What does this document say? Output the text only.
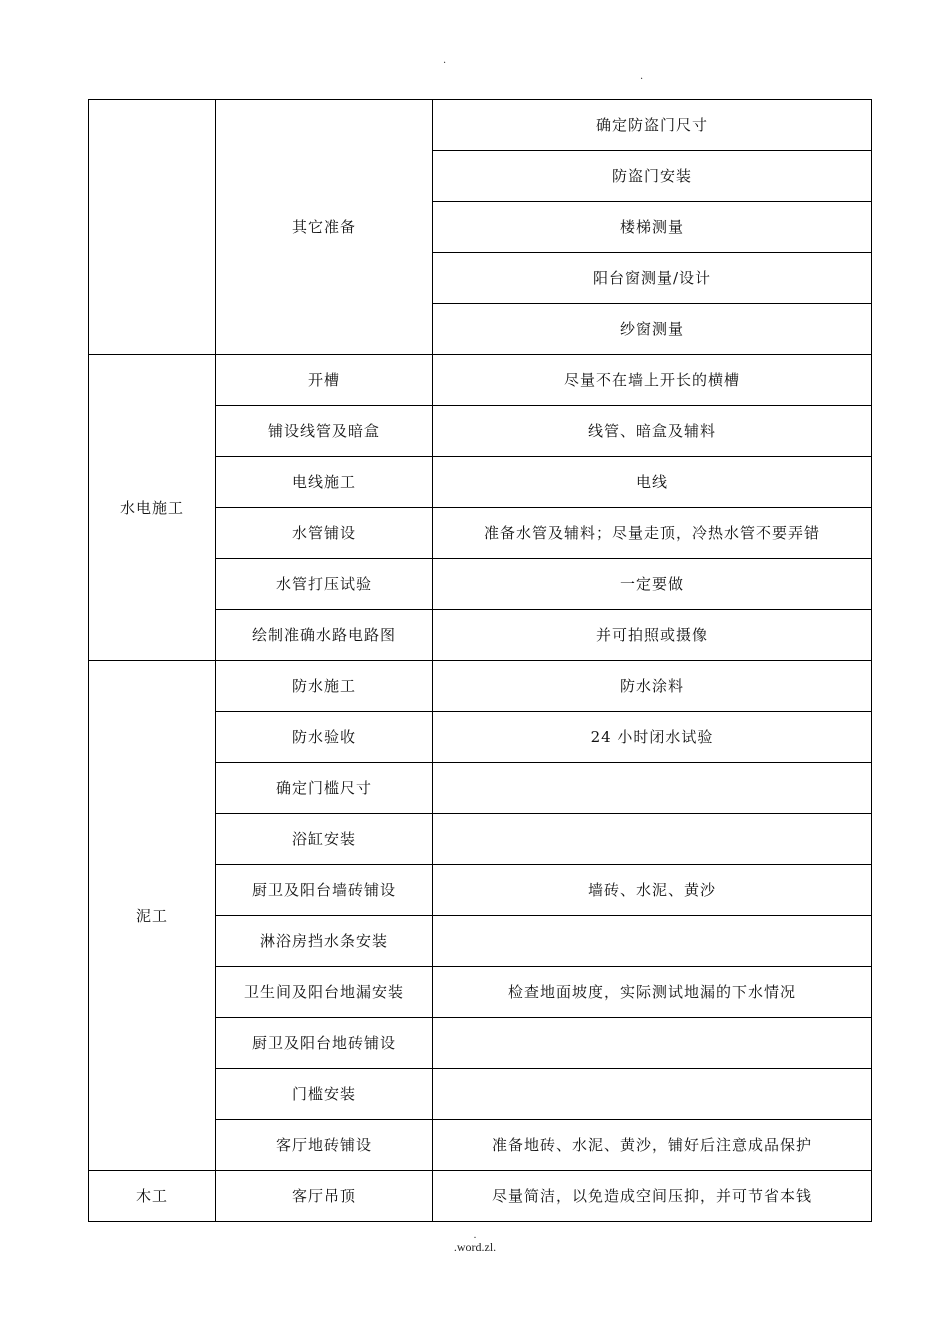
.
.
	其它准备	确定防盗门尺寸
		防盗门安装
		楼梯测量
		阳台窗测量/设计
		纱窗测量
水电施工	开槽	尽量不在墙上开长的横槽
	铺设线管及暗盒	线管、暗盒及辅料
	电线施工	电线
	水管铺设	准备水管及辅料；尽量走顶，冷热水管不要弄错
	水管打压试验	一定要做
	绘制准确水路电路图	并可拍照或摄像
泥工	防水施工	防水涂料
	防水验收	24 小时闭水试验
	确定门槛尺寸	
	浴缸安装	
	厨卫及阳台墙砖铺设	墙砖、水泥、黄沙
	淋浴房挡水条安装	
	卫生间及阳台地漏安装	检查地面坡度，实际测试地漏的下水情况
	厨卫及阳台地砖铺设	
	门槛安装	
	客厅地砖铺设	准备地砖、水泥、黄沙，铺好后注意成品保护
木工	客厅吊顶	尽量简洁，以免造成空间压抑，并可节省本钱
.
.word.zl.
